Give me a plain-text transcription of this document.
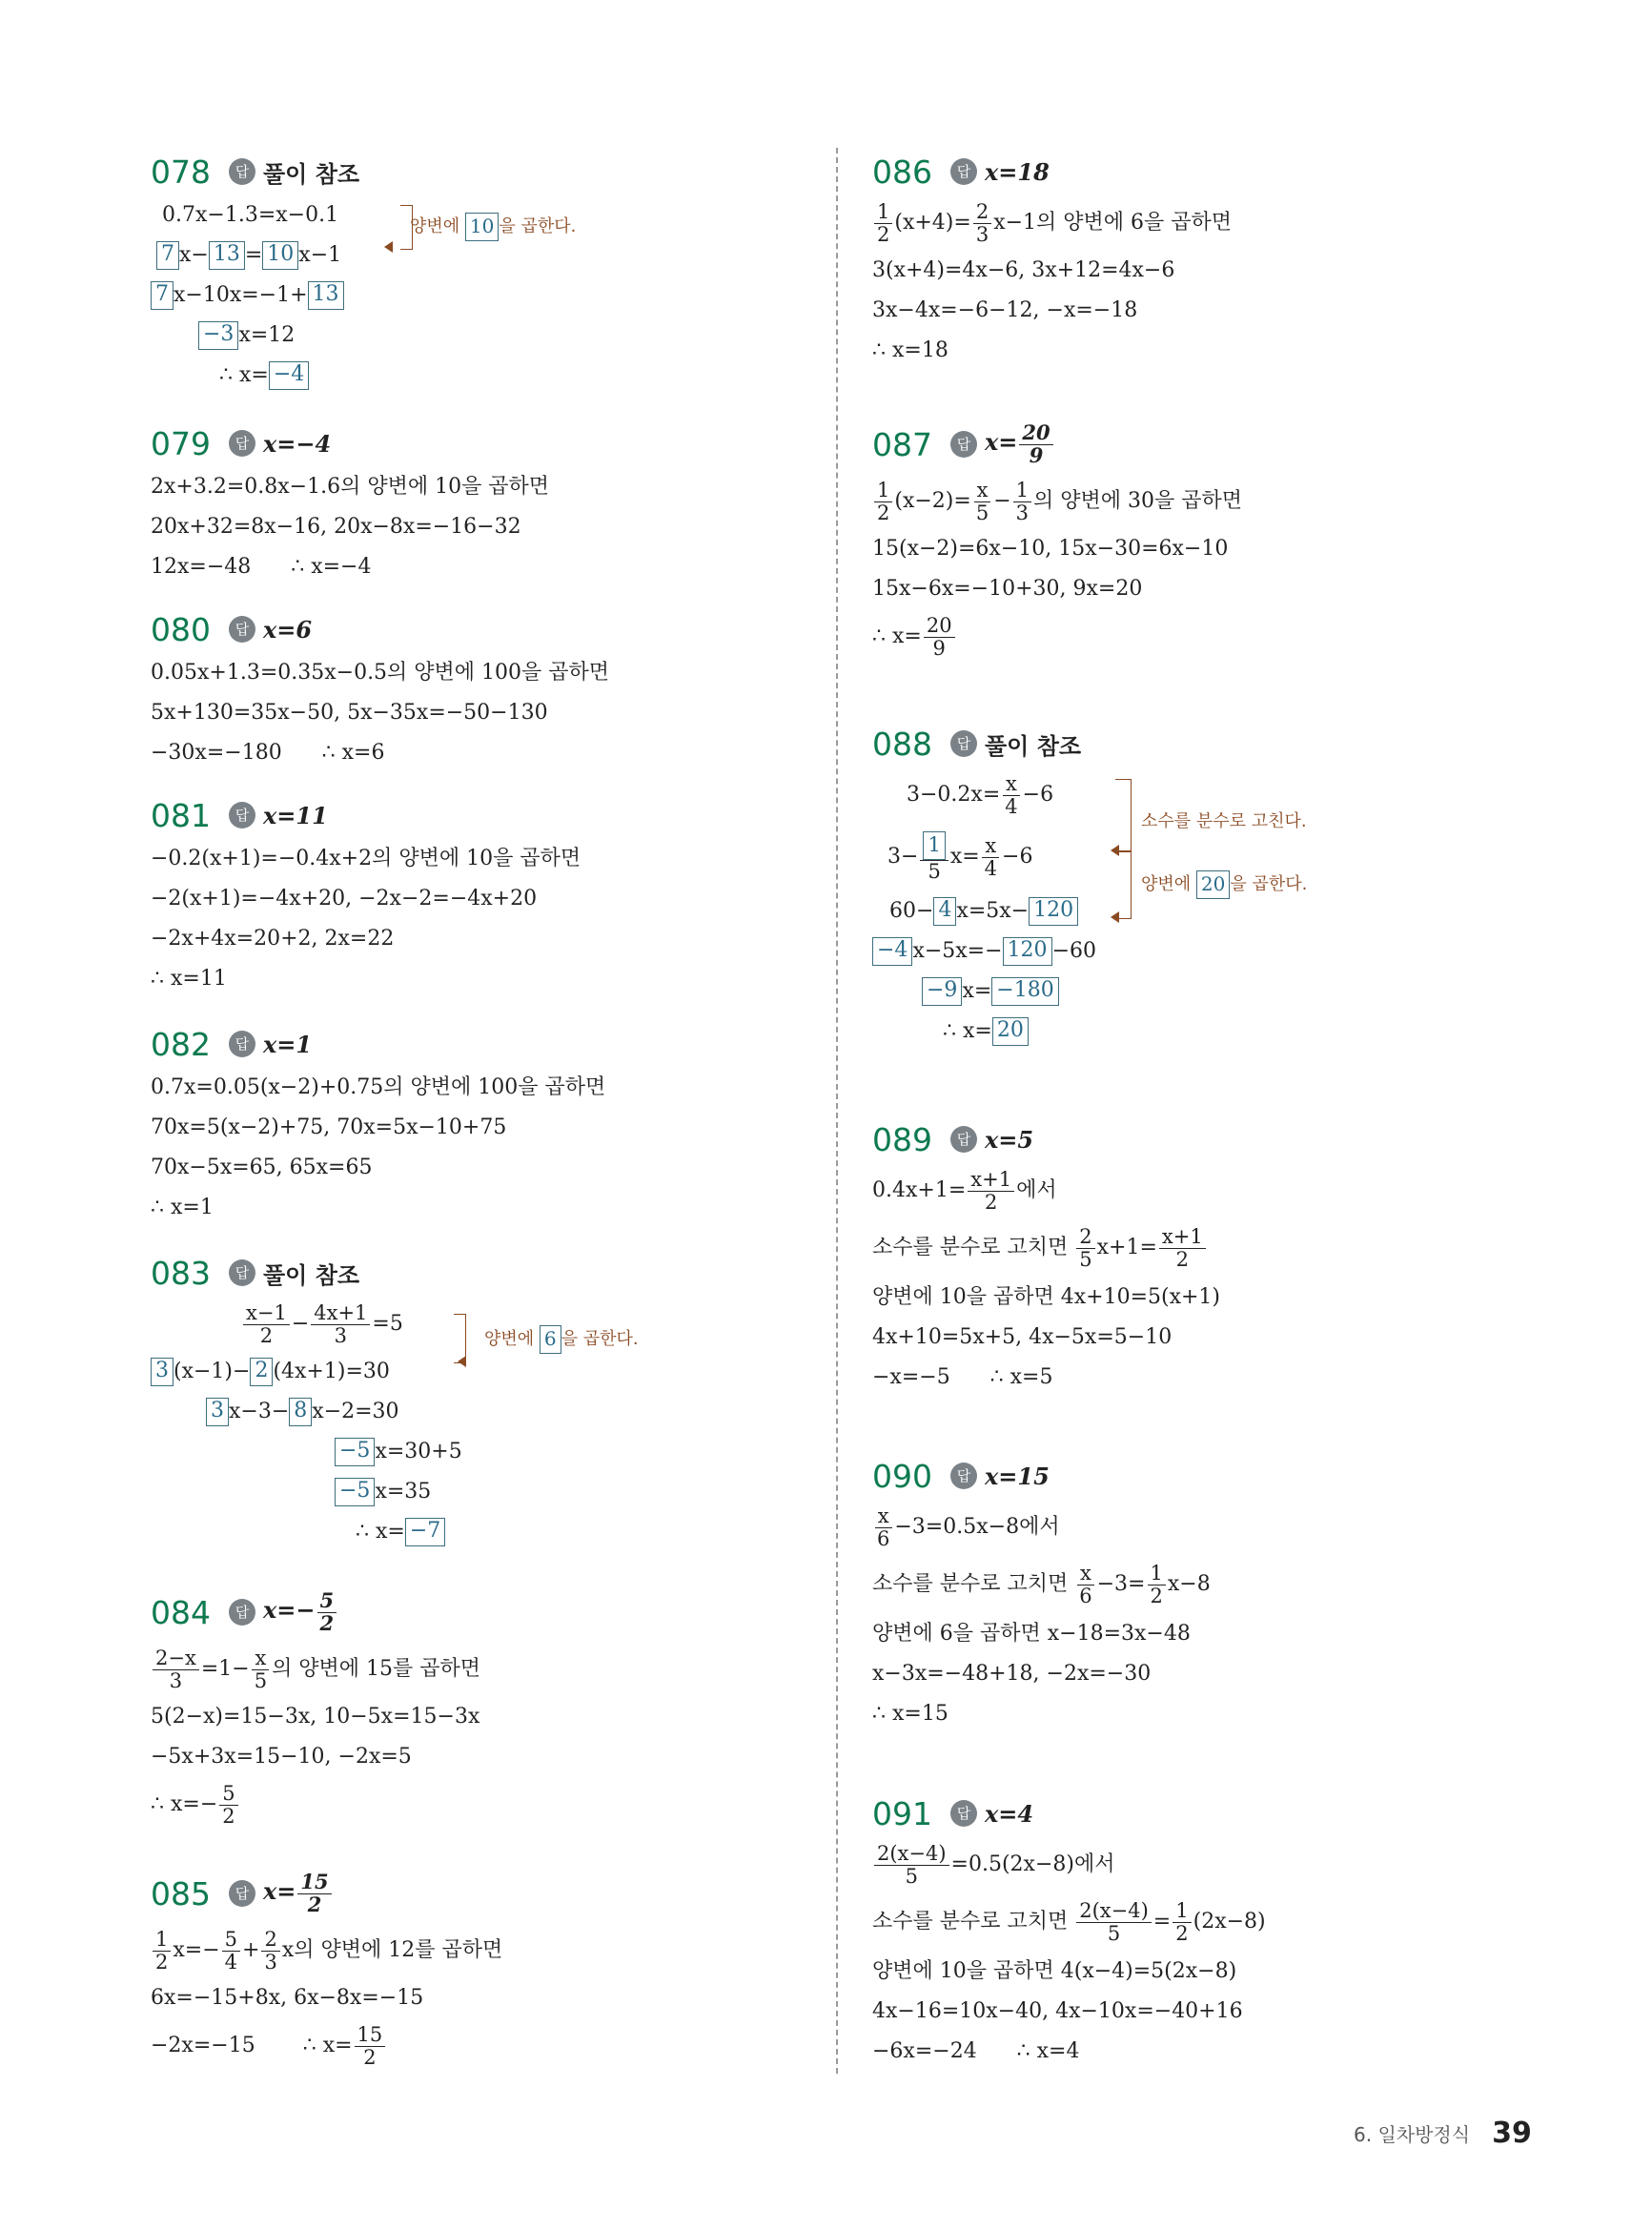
078	답 풀이 참조
0.7x−1.3=x−0.1
7 x− 13 = 10 x−1
7 x−10x=−1+ 13
−3 x=12
∴ x= −4
양변에 10 을 곱한다.
079	답 x=−4
2x+3.2=0.8x−1.6의 양변에 10을 곱하면
20x+32=8x−16, 20x−8x=−16−32
12x=−48      ∴ x=−4
080	답 x=6
0.05x+1.3=0.35x−0.5의 양변에 100을 곱하면
5x+130=35x−50, 5x−35x=−50−130
−30x=−180      ∴ x=6
081	답 x=11
−0.2(x+1)=−0.4x+2의 양변에 10을 곱하면
−2(x+1)=−4x+20, −2x−2=−4x+20
−2x+4x=20+2, 2x=22
∴ x=11
082	답 x=1
0.7x=0.05(x−2)+0.75의 양변에 100을 곱하면
70x=5(x−2)+75, 70x=5x−10+75
70x−5x=65, 65x=65
∴ x=1
083	답 풀이 참조
$\frac{x-1}{2} - \frac{4x+1}{3} =5$
3 (x−1)− 2 (4x+1)=30
3 x−3− 8 x−2=30
−5 x=30+5
−5 x=35
∴ x= −7
양변에 6 을 곱한다.
084	답 $x=- \frac{5}{2}$
$\frac{2-x}{3} =1- \frac{x}{5}$ 의 양변에 15를 곱하면
5(2−x)=15−3x, 10−5x=15−3x
−5x+3x=15−10, −2x=5
∴ $x=- \frac{5}{2}$
085	답 $x= \frac{15}{2}$
$\frac{1}{2} x=- \frac{5}{4} + \frac{2}{3}$ x의 양변에 12를 곱하면
6x=−15+8x, 6x−8x=−15
−2x=−15 ∴ $x= \frac{15}{2}$
086	답 x=18
$\frac{1}{2} (x+4)= \frac{2}{3} x-1$의 양변에 6을 곱하면
3(x+4)=4x−6, 3x+12=4x−6
3x−4x=−6−12, −x=−18
∴ x=18
087	답 $x= \frac{20}{9}$
$\frac{1}{2} (x-2)= \frac{x}{5} - \frac{1}{3}$ 의 양변에 30을 곱하면
15(x−2)=6x−10, 15x−30=6x−10
15x−6x=−10+30, 9x=20
∴ $x= \frac{20}{9}$
088	답 풀이 참조
$3-0.2x= \frac{x}{4} -6$
$3- \frac{1}{5} x= \frac{x}{4} -6$
60− 4 x=5x− 120
−4 x−5x=− 120 −60
−9 x= −180
∴ x= 20
소수를 분수로 고친다.
양변에 20 을 곱한다.
089	답 x=5
$0.4x+1= \frac{x+1}{2}$ 에서
소수를 분수로 고치면 $\frac{2}{5} x+1= \frac{x+1}{2}$
양변에 10을 곱하면 4x+10=5(x+1)
4x+10=5x+5, 4x−5x=5−10
−x=−5      ∴ x=5
090	답 x=15
$\frac{x}{6} -3=0.5x-8$에서
소수를 분수로 고치면 $\frac{x}{6} -3= \frac{1}{2} x-8$
양변에 6을 곱하면 x−18=3x−48
x−3x=−48+18, −2x=−30
∴ x=15
091	답 x=4
$\frac{2(x-4)}{5} =0.5(2x-8)$에서
소수를 분수로 고치면 $\frac{2(x-4)}{5} = \frac{1}{2} (2x-8)$
양변에 10을 곱하면 4(x−4)=5(2x−8)
4x−16=10x−40, 4x−10x=−40+16
−6x=−24      ∴ x=4
6. 일차방정식 39
